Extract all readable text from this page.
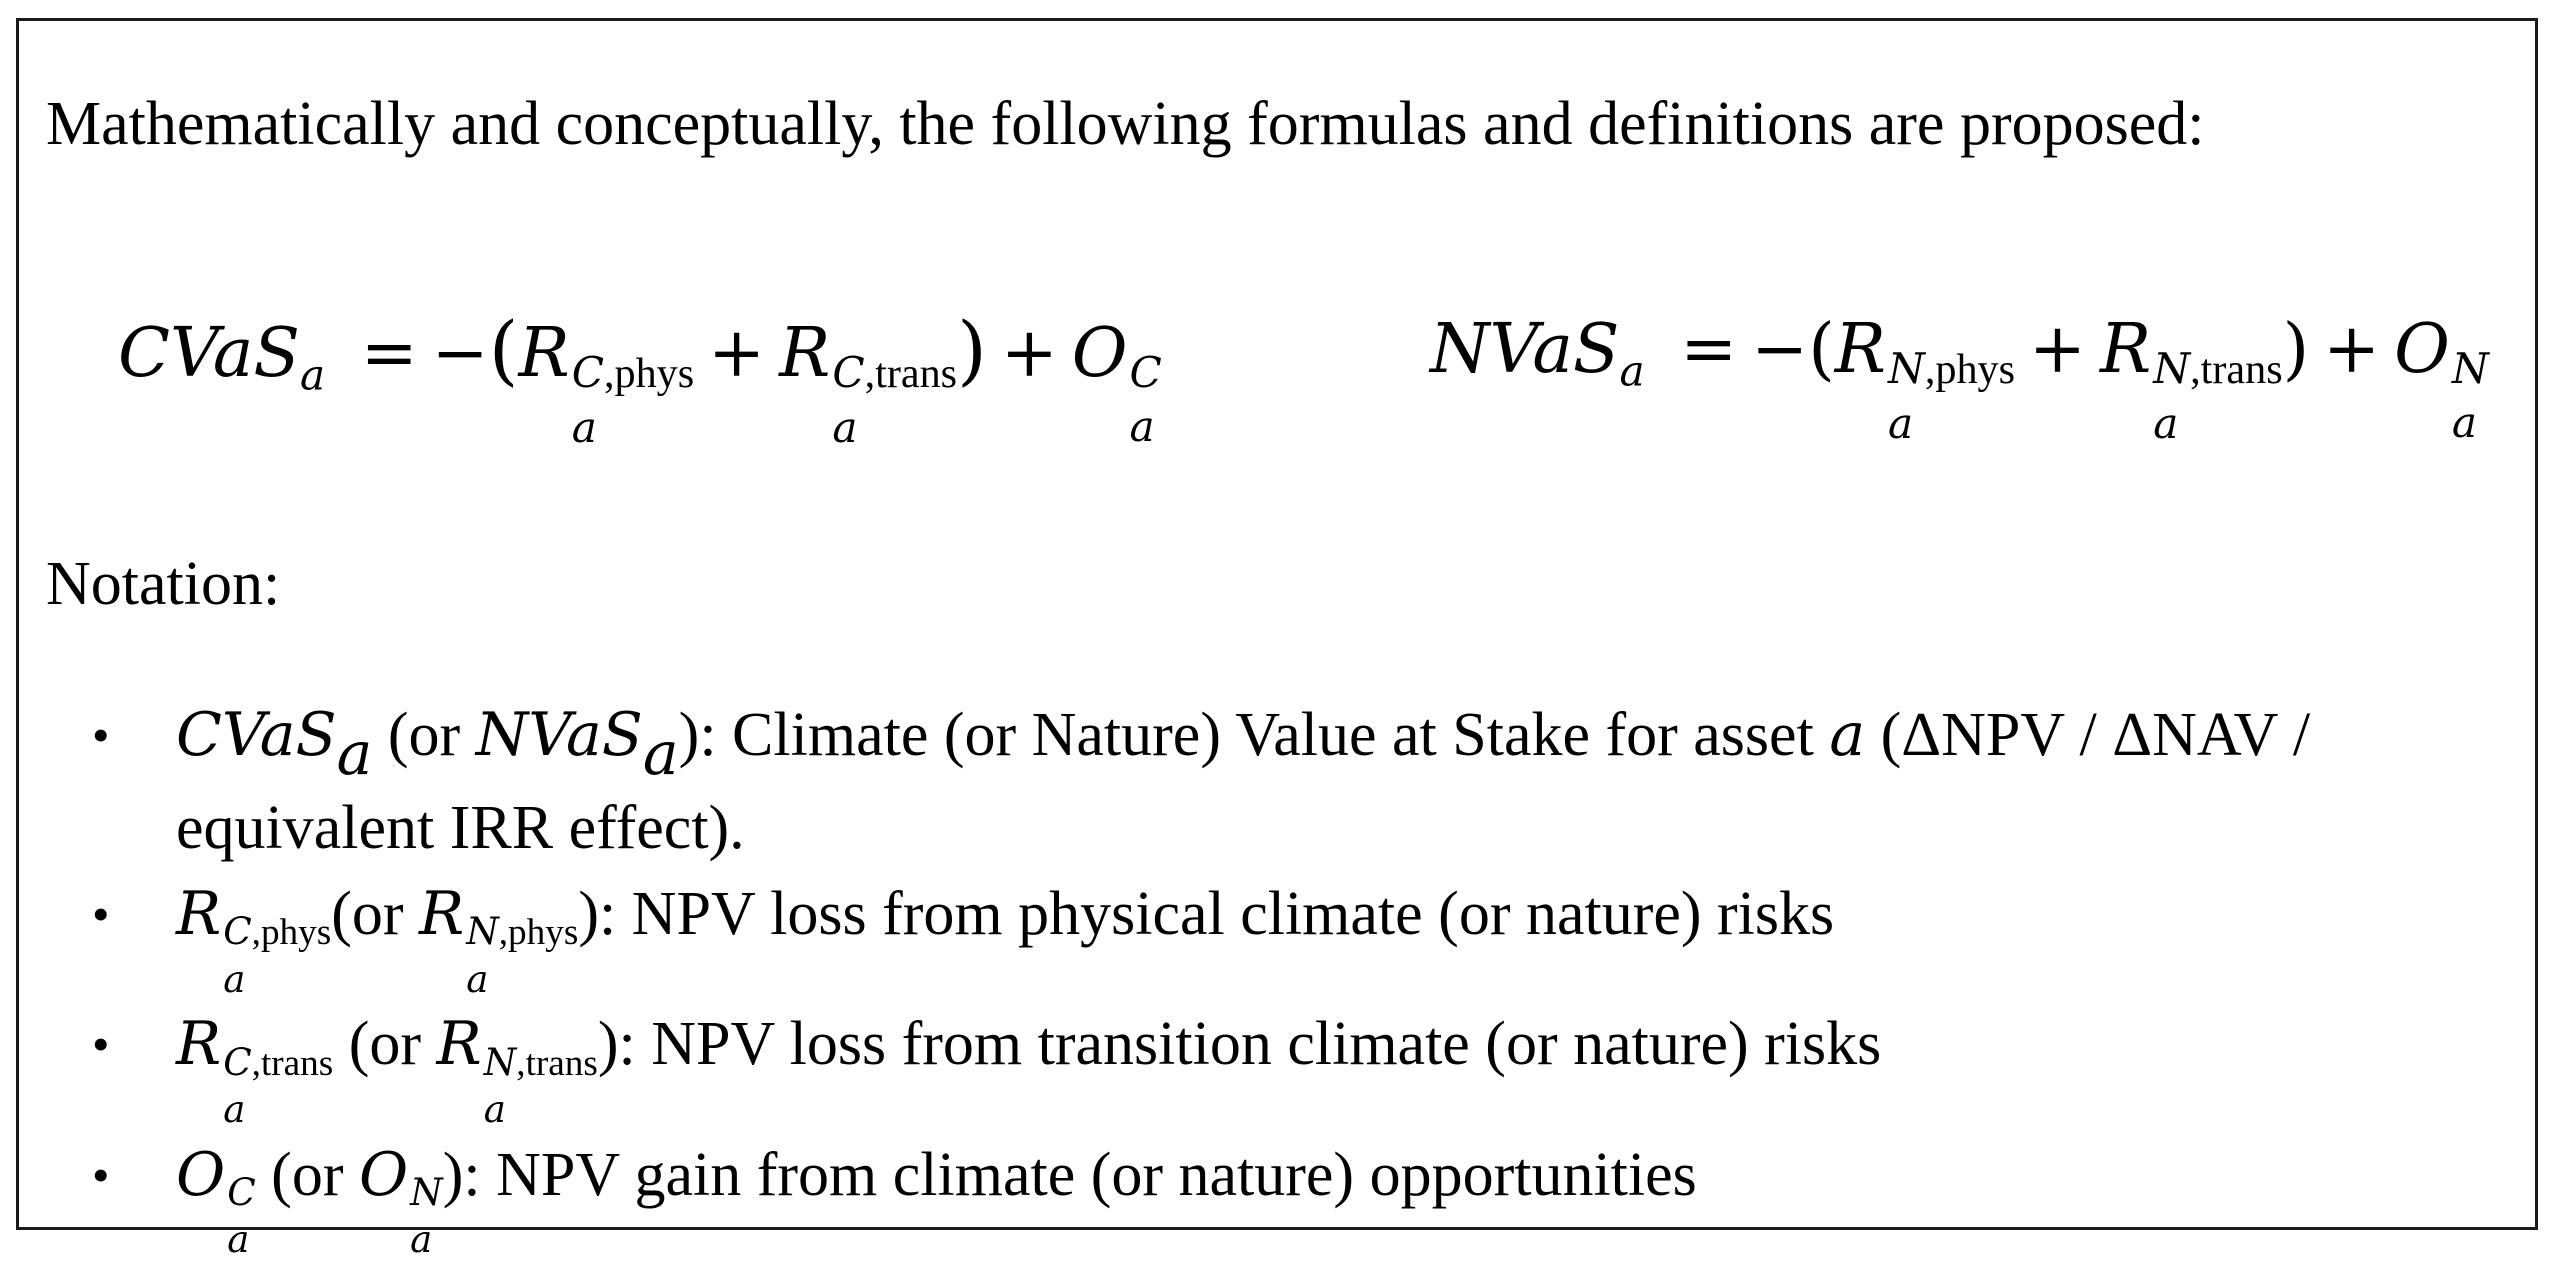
Mathematically and conceptually, the following formulas and definitions are proposed:
CVaSa = −(R C,phys
a
+ R C,trans
a
) + O C
a
NVaSa = −(R N,phys
a
+ R N,trans
a
) + O N
a
Notation:
• CVaSa (or NVaSa): Climate (or Nature) Value at Stake for asset a (ΔNPV / ΔNAV / equivalent IRR effect).
• R C,phys
a
(or R N,phys
a
): NPV loss from physical climate (or nature) risks
• R C,trans
a
(or R N,trans
a
): NPV loss from transition climate (or nature) risks
• O C
a
(or O N
a
): NPV gain from climate (or nature) opportunities
